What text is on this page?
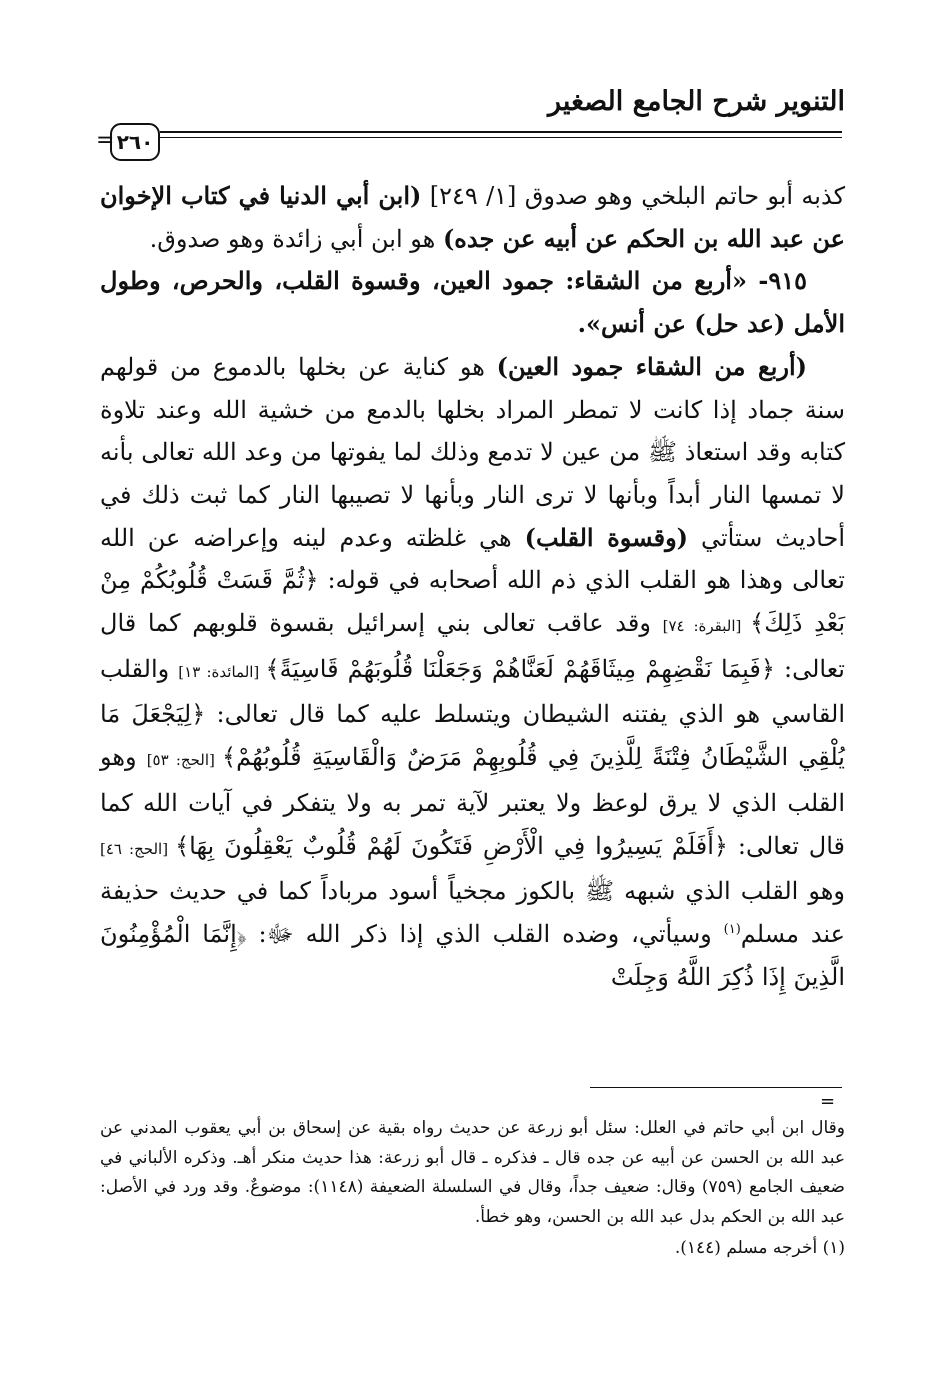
التنوير شرح الجامع الصغير
= ٢٦٠

كذبه أبو حاتم البلخي وهو صدوق [١/ ٢٤٩] (ابن أبي الدنيا في كتاب الإخوان عن عبد الله بن الحكم عن أبيه عن جده) هو ابن أبي زائدة وهو صدوق.

٩١٥- «أربع من الشقاء: جمود العين، وقسوة القلب، والحرص، وطول الأمل (عد حل) عن أنس».

(أربع من الشقاء جمود العين) هو كناية عن بخلها بالدموع من قولهم سنة جماد إذا كانت لا تمطر المراد بخلها بالدمع من خشية الله وعند تلاوة كتابه وقد استعاذ ﷺ من عين لا تدمع وذلك لما يفوتها من وعد الله تعالى بأنه لا تمسها النار أبداً وبأنها لا ترى النار وبأنها لا تصيبها النار كما ثبت ذلك في أحاديث ستأتي (وقسوة القلب) هي غلظته وعدم لينه وإعراضه عن الله تعالى وهذا هو القلب الذي ذم الله أصحابه في قوله: ﴿ثُمَّ قَسَتْ قُلُوبُكُمْ مِنْ بَعْدِ ذَلِكَ﴾ [البقرة: ٧٤] وقد عاقب تعالى بني إسرائيل بقسوة قلوبهم كما قال تعالى: ﴿فَبِمَا نَقْضِهِمْ مِيثَاقَهُمْ لَعَنَّاهُمْ وَجَعَلْنَا قُلُوبَهُمْ قَاسِيَةً﴾ [المائدة: ١٣] والقلب القاسي هو الذي يفتنه الشيطان ويتسلط عليه كما قال تعالى: ﴿لِيَجْعَلَ مَا يُلْقِي الشَّيْطَانُ فِتْنَةً لِلَّذِينَ فِي قُلُوبِهِمْ مَرَضٌ وَالْقَاسِيَةِ قُلُوبُهُمْ﴾ [الحج: ٥٣] وهو القلب الذي لا يرق لوعظ ولا يعتبر لآية تمر به ولا يتفكر في آيات الله كما قال تعالى: ﴿أَفَلَمْ يَسِيرُوا فِي الْأَرْضِ فَتَكُونَ لَهُمْ قُلُوبٌ يَعْقِلُونَ بِهَا﴾ [الحج: ٤٦] وهو القلب الذي شبهه ﷺ بالكوز مجخياً أسود مرباداً كما في حديث حذيفة عند مسلم$^{(١)}$ وسيأتي، وضده القلب الذي إذا ذكر الله ﷻ: ﴿إِنَّمَا الْمُؤْمِنُونَ الَّذِينَ إِذَا ذُكِرَ اللَّهُ وَجِلَتْ

=

وقال ابن أبي حاتم في العلل: سئل أبو زرعة عن حديث رواه بقية عن إسحاق بن أبي يعقوب المدني عن عبد الله بن الحسن عن أبيه عن جده قال ـ فذكره ـ قال أبو زرعة: هذا حديث منكر أهـ. وذكره الألباني في ضعيف الجامع (٧٥٩) وقال: ضعيف جداً، وقال في السلسلة الضعيفة (١١٤٨): موضوعٌ. وقد ورد في الأصل: عبد الله بن الحكم بدل عبد الله بن الحسن، وهو خطأ.

(١) أخرجه مسلم (١٤٤).
